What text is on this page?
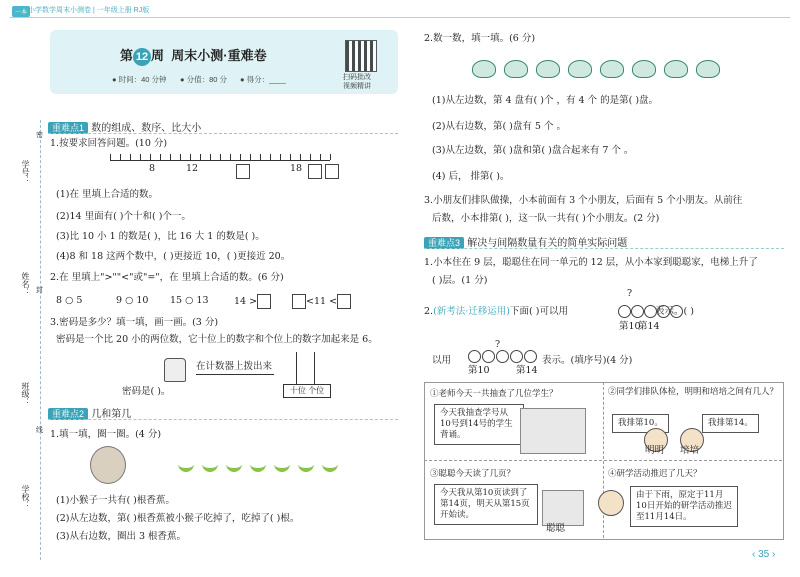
一本 小学数学周末小测卷 | 一年级上册 RJ版
学号：
姓名：
班级：
学校：
密
封
线
第 12 周 周末小测·重难卷
● 时间：40 分钟 ● 分值：80 分 ● 得分：____	扫码批改
视频精讲
重难点1 数的组成、数序、比大小
1.按要求回答问题。(10 分)
8	12	18
(1)在 里填上合适的数。
(2)14 里面有( )个十和( )个一。
(3)比 10 小 1 的数是( )，比 16 大 1 的数是( )。
(4)8 和 18 这两个数中，( )更接近 10，( )更接近 20。
2.在 里填上">""<"或"="，在 里填上合适的数。(6 分)
8 ○ 5	9 ○ 10 15 ○ 13	14 >	<11 <
3.密码是多少？填一填，画一画。(3 分)
密码是一个比 20 小的两位数，它十位上的数字和个位上的数字加起来是 6。
在计数器上拨出来
十位 个位
密码是( )。
重难点2 几和第几
1.填一填，圈一圈。(4 分)
(1)小猴子一共有( )根香蕉。
(2)从左边数，第( )根香蕉被小猴子吃掉了，吃掉了( )根。
(3)从右边数，圈出 3 根香蕉。
2.数一数，填一填。(6 分)
(1)从左边数，第 4 盘有( )个 ，有 4 个 的是第( )盘。
(2)从右边数，第( )盘有 5 个 。
(3)从左边数，第( )盘和第( )盘合起来有 7 个 。
(4) 后， 排第( )。
3.小朋友们排队做操，小本前面有 3 个小朋友，后面有 5 个小朋友。从前往
后数，小本排第( )，这一队一共有( )个小朋友。(2 分)
重难点3 解决与间隔数量有关的简单实际问题
1.小本住在 9 层，聪聪住在同一单元的 12 层，从小本家到聪聪家，电梯上升了
( )层。(1 分)
2.(新考法·迁移运用)下面( )可以用	表示。( )
?
第10
第14
以用
?
第10	第14
表示。(填序号)(4 分)
①老师今天一共抽查了几位学生？
今天我抽查学号从10号到14号的学生背诵。
②同学们排队体检，明明和培培之间有几人？
我排第10。	我排第14。
明明 培培
③聪聪今天读了几页？
今天我从第10页读到了第14页，明天从第15页开始读。
聪聪
④研学活动推迟了几天？
由于下雨，原定于11月10日开始的研学活动推迟至11月14日。
‹ 35 ›
